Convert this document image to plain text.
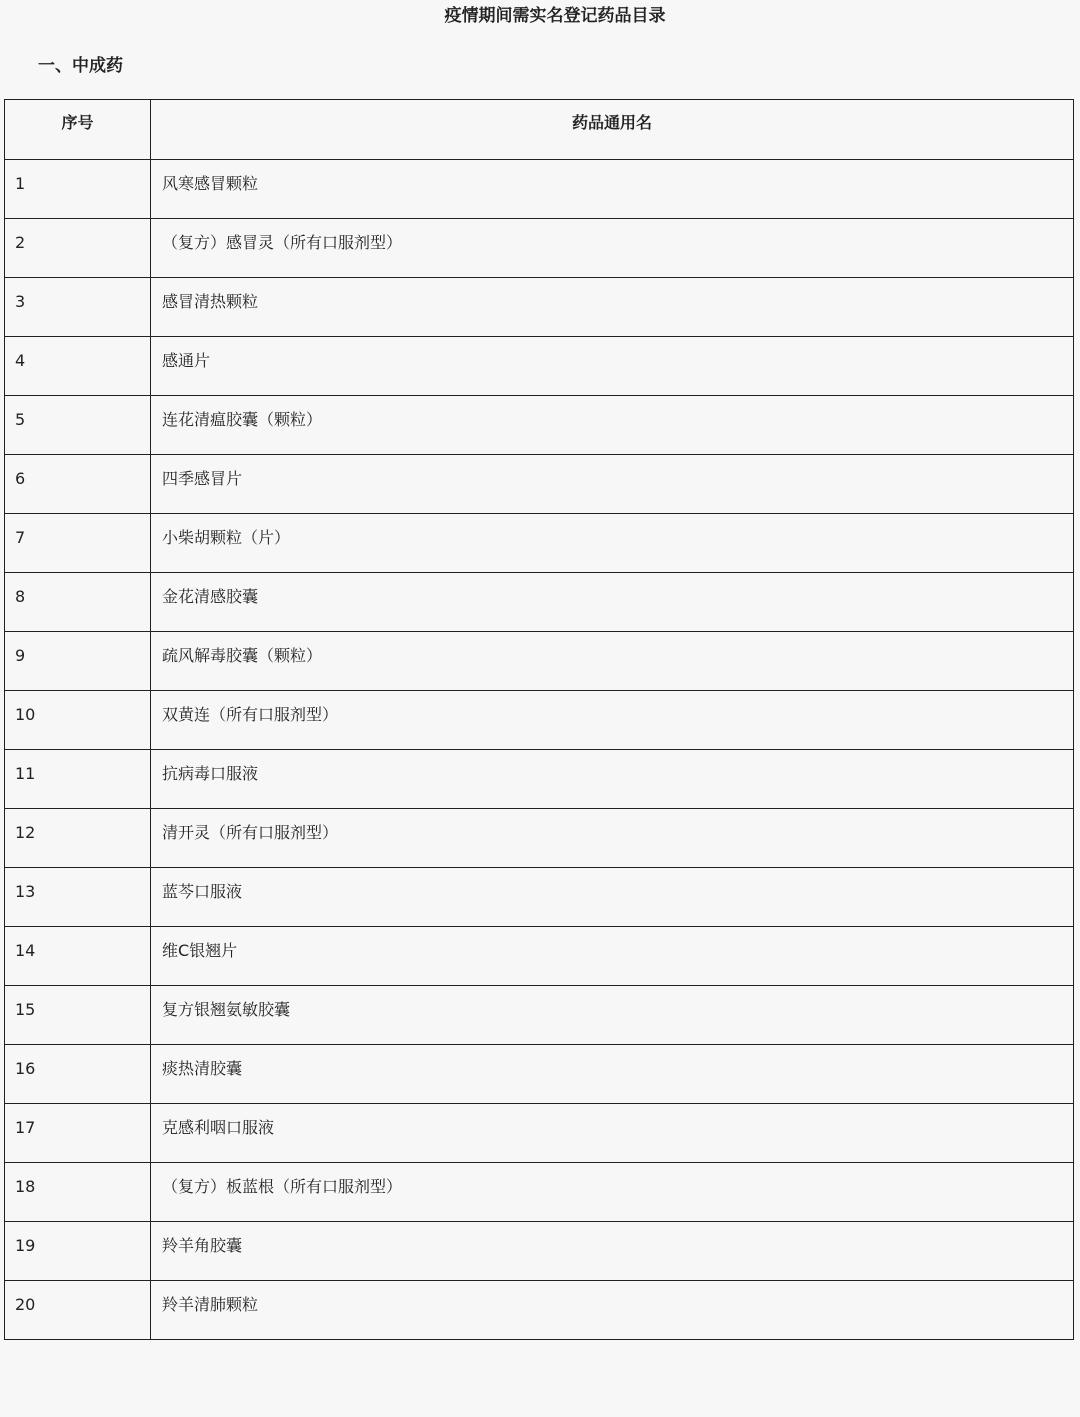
疫情期间需实名登记药品目录
一、中成药
序号	药品通用名
1	风寒感冒颗粒
2	（复方）感冒灵（所有口服剂型）
3	感冒清热颗粒
4	感通片
5	连花清瘟胶囊（颗粒）
6	四季感冒片
7	小柴胡颗粒（片）
8	金花清感胶囊
9	疏风解毒胶囊（颗粒）
10	双黄连（所有口服剂型）
11	抗病毒口服液
12	清开灵（所有口服剂型）
13	蓝芩口服液
14	维C银翘片
15	复方银翘氨敏胶囊
16	痰热清胶囊
17	克感利咽口服液
18	（复方）板蓝根（所有口服剂型）
19	羚羊角胶囊
20	羚羊清肺颗粒
